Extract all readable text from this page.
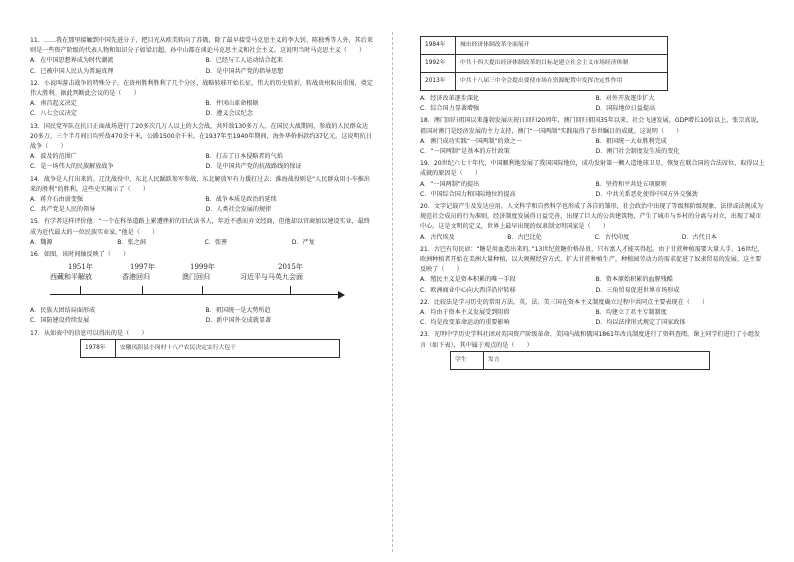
11．……我在那里接触到中国先进分子，把目光从欧美转向了苏俄，除了最早接受马克思主义的李大钊、陈独秀等人外，其后来则是一些资产阶级的代表人物和知识分子如梁启超、孙中山都在谈论马克思主义和社会主义。这说明当时马克思主义（　　）
A．在中国思想界成为时代潮流	B．已经与工人运动结合起来
C．已被中国人民认为普遍真理	D．是中国共产党的指导思想
12．小说叫游击战争的特殊分子，在贵州胜利胜利了几个分区，战略转移开始长征，伟大的历史转折，转战贵州取出重围，奠定伟大胜利。据此判断此会议的是（　　）
A．南昌起义决定	B．井冈山革命根据
C．八七会议决定	D．遵义会议纪念
13．国民党军队在抗日正面战场进行了20多次几万人以上的大会战，共歼敌130多万人。在国民大战期间，参战的人民群众达20多万，三个半月间日均歼敌470余千米，公路1500余千米。在1937年至1940年期间，海外华侨捐款约37亿元。这说明抗日战争（　　）
A．波及的范围广	B．打击了日本侵略者的气焰
C．是一场伟大的民族解放战争	D．是中国共产党的抗战路线的保证
14．战争是人打出来的。辽沈战役中，东北人民踊跃参军参战，东北解放军有力援打过去；淮海战役则是“人民群众用小车推出来的胜利”的胜利。这些史实揭示了（　　）
A．蒋介石由弱变强	B．战争本质是政治的延续
C．共产党是人民的领导	D．人类社会发展的规律
15．有学者这样评价他：“一个在科举道路上累遭挫折的旧式读书人，年近不惑而弃文经商，但他却以官商加以建设实业，最终成为近代最大的一位民族实业家。”他是（　　）
A．魏源	B．张之洞	C．张謇	D．严复
16．如图，该时间轴反映了（　　）
1951年
西藏和平解放
1997年
香港回归
1999年
澳门回归
2015年
习近平与马英九会面
A．民族大团结局面形成	B．祖国统一是大势所趋
C．国防建设持续发展	D．新中国外交成就显著
17．从如表中的信息可以得出的是（　　）
1978年	安徽凤阳县小岗村十八户农民决定实行大包干
1984年	城市经济体制改革全面展开
1992年	中共十四大提出经济体制改革的目标是建立社会主义市场经济体制
2013年	中共十八届三中全会提出要使市场在资源配置中发挥决定性作用
A．经济改革逐步深化	B．对外开放逐步扩大
C．综合国力显著增强	D．国际地位日益提高
18．澳门回归祖国以来蓬勃发展庆祝日回归20周年，澳门回归祖国35年以来，社会飞速发展，GDP增长10倍以上，张宗真说，祖国对澳门是经济发展的主力支持，澳门“一国两制”实践取得了举世瞩目的成就。这说明（　　）
A．澳门成功实践“一国两制”的效之一	B．祖国统一大业胜利完成
C．“一国两制”是基本的方针政策	D．澳门社会制度发生质的变化
19．20世纪六七十年代，中国顺利地发展了我国国际地位，成功发射第一颗人造地球卫星，恢复在联合国的合法席位，取得以上成就的原因是（　　）
A．“一国两制”的提出	B．坚持和平共处五项原则
C．中国综合国力和国际地位的提高	D．中共关系恶化使得中国方外交强劲
20．文字记载产生及发达应用，人文科学和自然科学也形成了各自的雏形，社会政治中出现了等级和阶级现象，法律或法规成为规范社会成员的行为准则，经济制度发展得日益完善，出现了巨大的公共建筑物，产生了城市与乡村的分离与对立，出现了城市中心。这是文明的定义，世界上最早出现的奴隶制文明国家是（　　）
A．古代埃及	B．古巴比伦	C．古代印度	D．古代日本
21．古巴有句民谚：“糖是用血造出来的。”13世纪蔗糖价格昂贵，只有富人才能买得起。由于甘蔗种植需要大量人手，16世纪，欧洲种植者开始在美洲大量种植，以大规模经营方式，扩大甘蔗种植生产，种植园劳动力的需求促进了奴隶贸易的发展。这主要反映了（　　）
A．殖民主义是资本积累的唯一手段	B．资本原始积累的血腥残酷
C．欧洲商业中心向大西洋沿岸转移	D．三角贸易促进世界市场形成
22．比较法是学习历史的常用方法。英、法、美三国在资本主义制度确立过程中共同点主要表现在（　　）
A．均由于资本主义发展受到阻碍	B．均建立了君主专制制度
C．均是改变革命运动的重要影响	D．均以法律形式规定了国家政体
23．光明中学历史学科社团对英国资产阶级革命、美国内战和俄国1861年改良制度进行了资料查阅，课上同学们进行了小组发言（如下表），其中属于观点的是（　　）
学生	发言
